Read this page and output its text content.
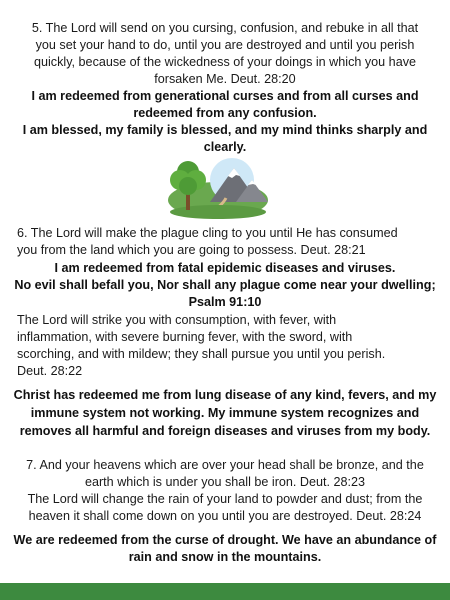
5. The Lord will send on you cursing, confusion, and rebuke in all that
you set your hand to do, until you are destroyed and until you perish
quickly, because of the wickedness of your doings in which you have
forsaken Me. Deut. 28:20
I am redeemed from generational curses and from all curses and
redeemed from any confusion.
I am blessed, my family is blessed, and my mind thinks sharply and
clearly.
6. The Lord will make the plague cling to you until He has consumed
you from the land which you are going to possess. Deut. 28:21
I am redeemed from fatal epidemic diseases and viruses.
No evil shall befall you, Nor shall any plague come near your dwelling;
Psalm 91:10
The Lord will strike you with consumption, with fever, with
inflammation, with severe burning fever, with the sword, with
scorching, and with mildew; they shall pursue you until you perish.
Deut. 28:22
Christ has redeemed me from lung disease of any kind, fevers, and my
immune system not working. My immune system recognizes and
removes all harmful and foreign diseases and viruses from my body.
7. And your heavens which are over your head shall be bronze, and the
earth which is under you shall be iron. Deut. 28:23
The Lord will change the rain of your land to powder and dust; from the
heaven it shall come down on you until you are destroyed. Deut. 28:24
We are redeemed from the curse of drought. We have an abundance of
rain and snow in the mountains.
